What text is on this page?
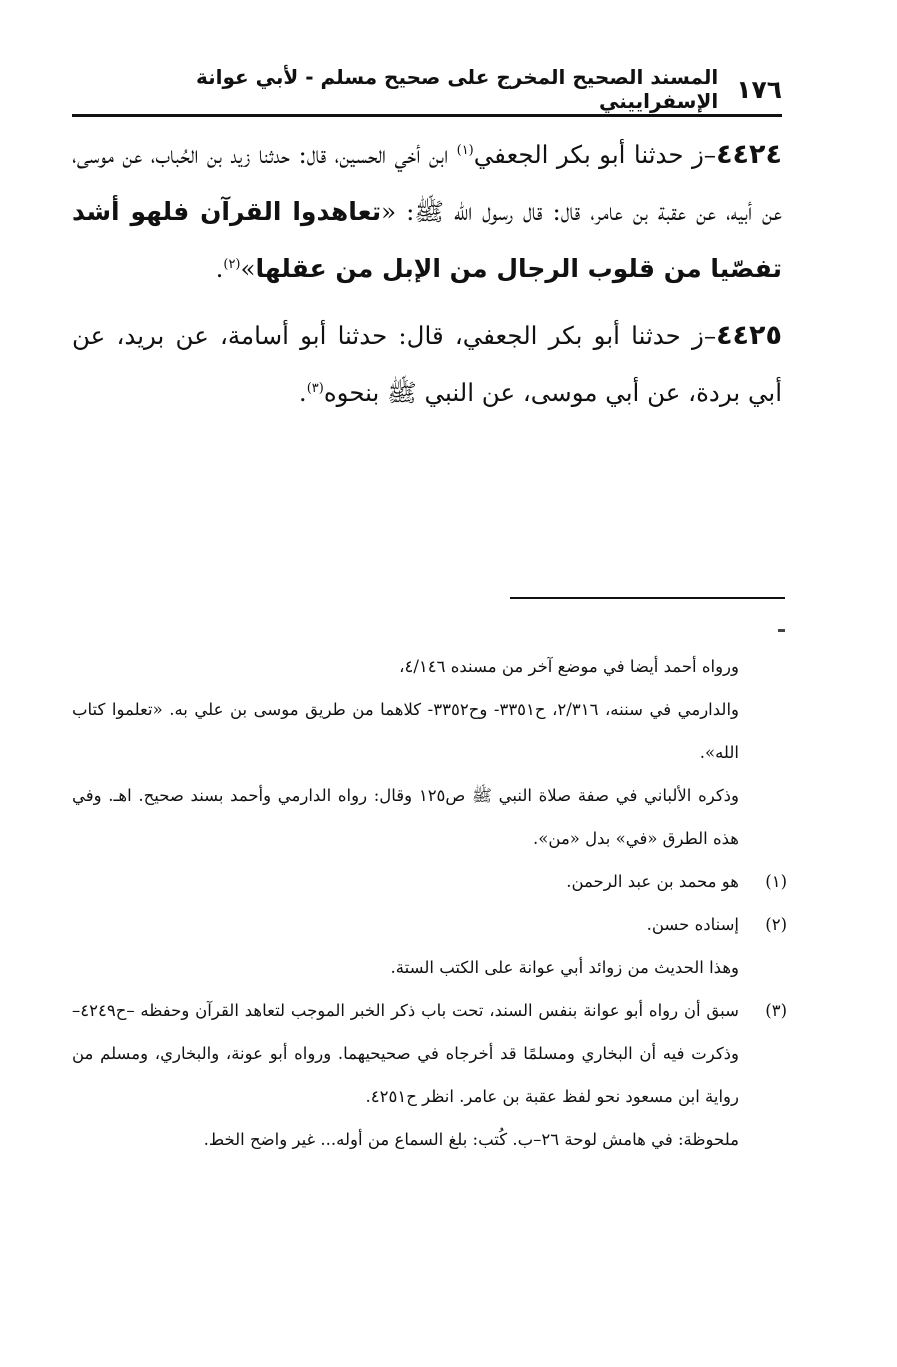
١٧٦
المسند الصحيح المخرج على صحيح مسلم - لأبي عوانة الإسفراييني

٤٤٢٤–ز حدثنا أبو بكر الجعفي$^{(١)}$ ابن أخي الحسين، قال: حدثنا زيد بن الحُباب، عن موسى، عن أبيه، عن عقبة بن عامر، قال: قال رسول الله ﷺ: «تعاهدوا القرآن فلهو أشد تفصّيا من قلوب الرجال من الإبل من عقلها»$^{(٢)}$.

٤٤٢٥–ز حدثنا أبو بكر الجعفي، قال: حدثنا أبو أسامة، عن بريد، عن أبي بردة، عن أبي موسى، عن النبي ﷺ بنحوه$^{(٣)}$.

ورواه أحمد أيضا في موضع آخر من مسنده ٤/١٤٦،

والدارمي في سننه، ٢/٣١٦، ح٣٣٥١- وح٣٣٥٢- كلاهما من طريق موسى بن علي به. «تعلموا كتاب الله».

وذكره الألباني في صفة صلاة النبي ﷺ ص١٢٥ وقال: رواه الدارمي وأحمد بسند صحيح. اهـ. وفي هذه الطرق «في» بدل «من».

(١)
هو محمد بن عبد الرحمن.
(٢)
إسناده حسن.

وهذا الحديث من زوائد أبي عوانة على الكتب الستة.

(٣)
سبق أن رواه أبو عوانة بنفس السند، تحت باب ذكر الخبر الموجب لتعاهد القرآن وحفظه –ح٤٢٤٩– وذكرت فيه أن البخاري ومسلمًا قد أخرجاه في صحيحيهما. ورواه أبو عونة، والبخاري، ومسلم من رواية ابن مسعود نحو لفظ عقبة بن عامر. انظر ح٤٢٥١.

ملحوظة: في هامش لوحة ٢٦–ب. كُتب: بلغ السماع من أوله... غير واضح الخط.
